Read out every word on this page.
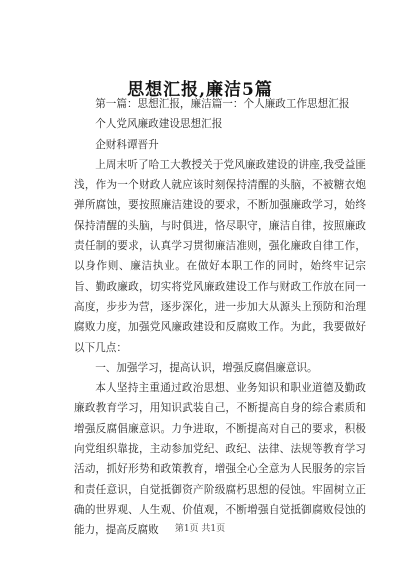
思想汇报,廉洁5篇

第一篇：思想汇报，廉洁篇一：个人廉政工作思想汇报

个人党风廉政建设思想汇报

企财科谭晋升

上周末听了哈工大教授关于党风廉政建设的讲座,我受益匪浅，作为一个财政人就应该时刻保持清醒的头脑，不被糖衣炮弹所腐蚀，要按照廉洁建设的要求，不断加强廉政学习，始终保持清醒的头脑，与时俱进，恪尽职守，廉洁自律，按照廉政责任制的要求，认真学习贯彻廉洁准则，强化廉政自律工作，以身作则、廉洁执业。在做好本职工作的同时，始终牢记宗旨、勤政廉政，切实将党风廉政建设工作与财政工作放在同一高度，步步为营，逐步深化，进一步加大从源头上预防和治理腐败力度，加强党风廉政建设和反腐败工作。为此，我要做好以下几点：

一、加强学习，提高认识，增强反腐倡廉意识。

本人坚持主重通过政治思想、业务知识和职业道德及勤政廉政教育学习，用知识武装自己，不断提高自身的综合素质和增强反腐倡廉意识。力争进取，不断提高对自己的要求，积极向党组织靠拢，主动参加党纪、政纪、法律、法规等教育学习活动，抓好形势和政策教育，增强全心全意为人民服务的宗旨和责任意识，自觉抵御资产阶级腐朽思想的侵蚀。牢固树立正确的世界观、人生观、价值观，不断增强自觉抵御腐败侵蚀的能力，提高反腐败	第1页 共1页
